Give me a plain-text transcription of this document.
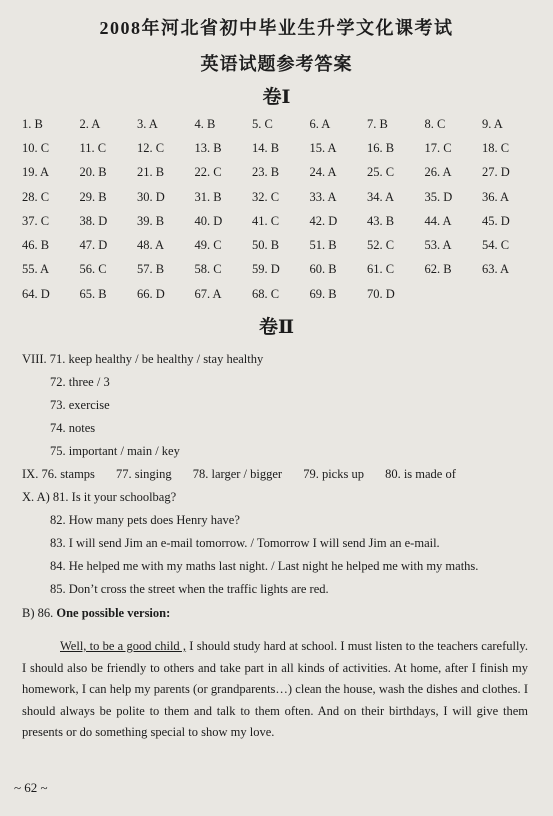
2008年河北省初中毕业生升学文化课考试
英语试题参考答案
卷Ⅰ
1. B	2. A	3. A	4. B	5. C	6. A	7. B	8. C	9. A
10. C	11. C	12. C	13. B	14. B	15. A	16. B	17. C	18. C
19. A	20. B	21. B	22. C	23. B	24. A	25. C	26. A	27. D
28. C	29. B	30. D	31. B	32. C	33. A	34. A	35. D	36. A
37. C	38. D	39. B	40. D	41. C	42. D	43. B	44. A	45. D
46. B	47. D	48. A	49. C	50. B	51. B	52. C	53. A	54. C
55. A	56. C	57. B	58. C	59. D	60. B	61. C	62. B	63. A
64. D	65. B	66. D	67. A	68. C	69. B	70. D
卷Ⅱ
VIII. 71. keep healthy / be healthy / stay healthy
72. three / 3
73. exercise
74. notes
75. important / main / key
IX. 76. stamps 77. singing 78. larger / bigger 79. picks up 80. is made of
X. A) 81. Is it your schoolbag?
82. How many pets does Henry have?
83. I will send Jim an e-mail tomorrow. / Tomorrow I will send Jim an e-mail.
84. He helped me with my maths last night. / Last night he helped me with my maths.
85. Don’t cross the street when the traffic lights are red.
B) 86. One possible version:
Well, to be a good child , I should study hard at school. I must listen to the teachers carefully. I should also be friendly to others and take part in all kinds of activities. At home, after I finish my homework, I can help my parents (or grandparents…) clean the house, wash the dishes and clothes. I should always be polite to them and talk to them often. And on their birthdays, I will give them presents or do something special to show my love.
~ 62 ~
